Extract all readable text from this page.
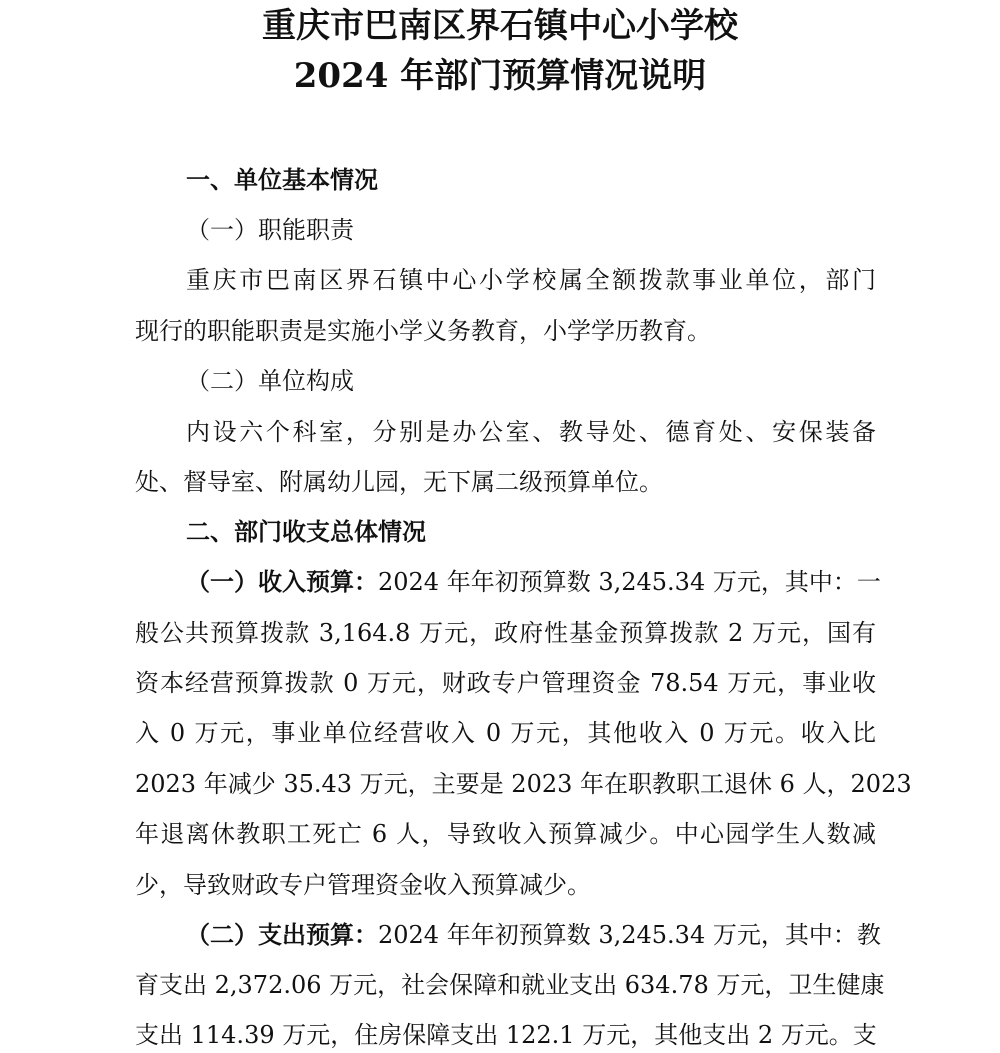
重庆市巴南区界石镇中心小学校
2024 年部门预算情况说明
一、单位基本情况
（一）职能职责
重庆市巴南区界石镇中心小学校属全额拨款事业单位，部门
现行的职能职责是实施小学义务教育，小学学历教育。
（二）单位构成
内设六个科室，分别是办公室、教导处、德育处、安保装备
处、督导室、附属幼儿园，无下属二级预算单位。
二、部门收支总体情况
（一）收入预算：2024 年年初预算数 3,245.34 万元，其中：一
般公共预算拨款 3,164.8 万元，政府性基金预算拨款 2 万元，国有
资本经营预算拨款 0 万元，财政专户管理资金 78.54 万元，事业收
入 0 万元，事业单位经营收入 0 万元，其他收入 0 万元。收入比
2023 年减少 35.43 万元，主要是 2023 年在职教职工退休 6 人，2023
年退离休教职工死亡 6 人，导致收入预算减少。中心园学生人数减
少，导致财政专户管理资金收入预算减少。
（二）支出预算：2024 年年初预算数 3,245.34 万元，其中：教
育支出 2,372.06 万元，社会保障和就业支出 634.78 万元，卫生健康
支出 114.39 万元，住房保障支出 122.1 万元，其他支出 2 万元。支
